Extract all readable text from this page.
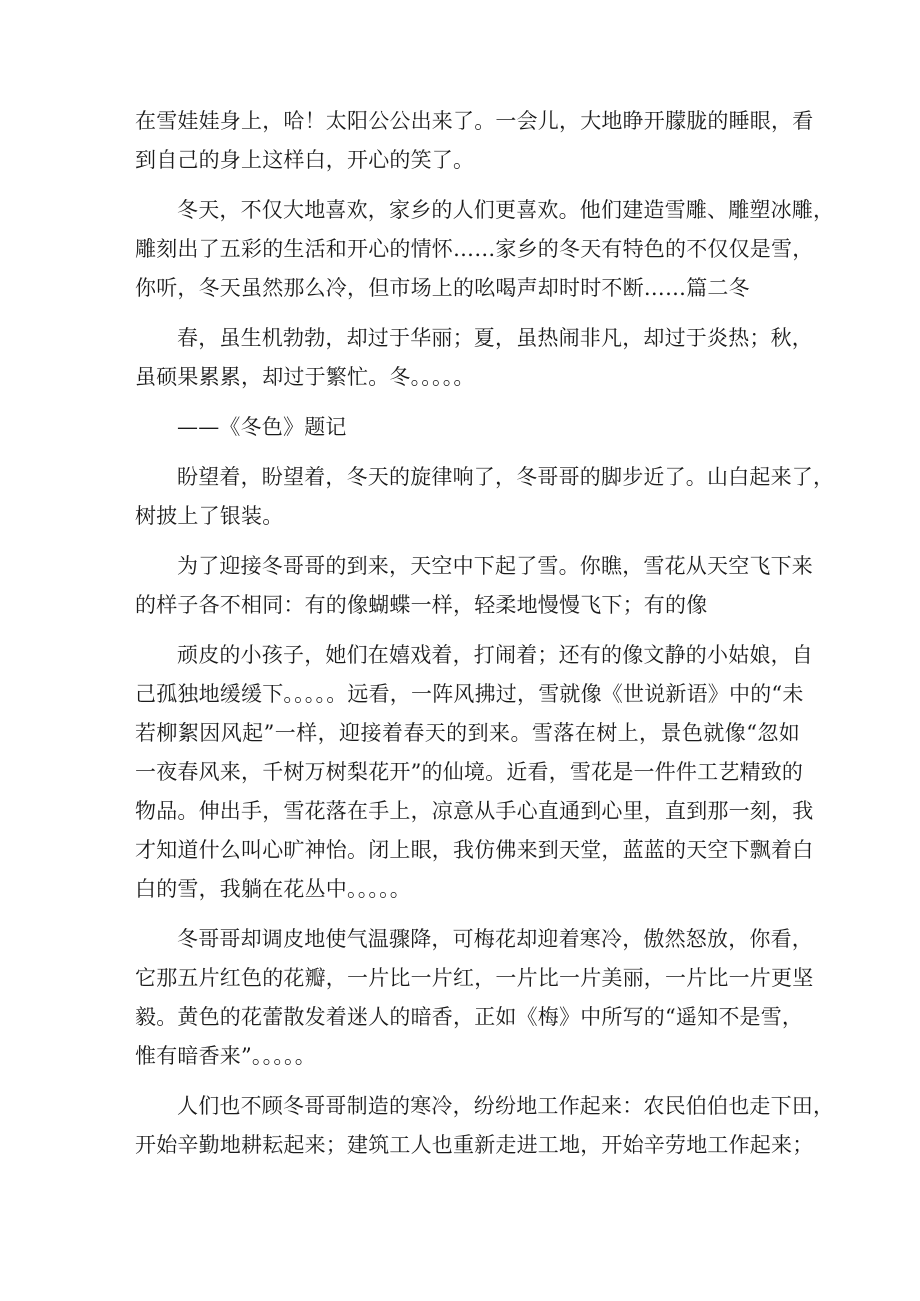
在雪娃娃身上，哈！太阳公公出来了。一会儿，大地睁开朦胧的睡眼，看
到自己的身上这样白，开心的笑了。
冬天，不仅大地喜欢，家乡的人们更喜欢。他们建造雪雕、雕塑冰雕，
雕刻出了五彩的生活和开心的情怀……家乡的冬天有特色的不仅仅是雪，
你听，冬天虽然那么冷，但市场上的吆喝声却时时不断……篇二冬
春，虽生机勃勃，却过于华丽；夏，虽热闹非凡，却过于炎热；秋，
虽硕果累累，却过于繁忙。冬。。。。。
——《冬色》题记
盼望着，盼望着，冬天的旋律响了，冬哥哥的脚步近了。山白起来了，
树披上了银装。
为了迎接冬哥哥的到来，天空中下起了雪。你瞧，雪花从天空飞下来
的样子各不相同：有的像蝴蝶一样，轻柔地慢慢飞下；有的像
顽皮的小孩子，她们在嬉戏着，打闹着；还有的像文静的小姑娘，自
己孤独地缓缓下。。。。。远看，一阵风拂过，雪就像《世说新语》中的“未
若柳絮因风起”一样，迎接着春天的到来。雪落在树上，景色就像“忽如
一夜春风来，千树万树梨花开”的仙境。近看，雪花是一件件工艺精致的
物品。伸出手，雪花落在手上，凉意从手心直通到心里，直到那一刻，我
才知道什么叫心旷神怡。闭上眼，我仿佛来到天堂，蓝蓝的天空下飘着白
白的雪，我躺在花丛中。。。。。
冬哥哥却调皮地使气温骤降，可梅花却迎着寒冷，傲然怒放，你看，
它那五片红色的花瓣，一片比一片红，一片比一片美丽，一片比一片更坚
毅。黄色的花蕾散发着迷人的暗香，正如《梅》中所写的“遥知不是雪，
惟有暗香来”。。。。。
人们也不顾冬哥哥制造的寒冷，纷纷地工作起来：农民伯伯也走下田，
开始辛勤地耕耘起来；建筑工人也重新走进工地，开始辛劳地工作起来；
